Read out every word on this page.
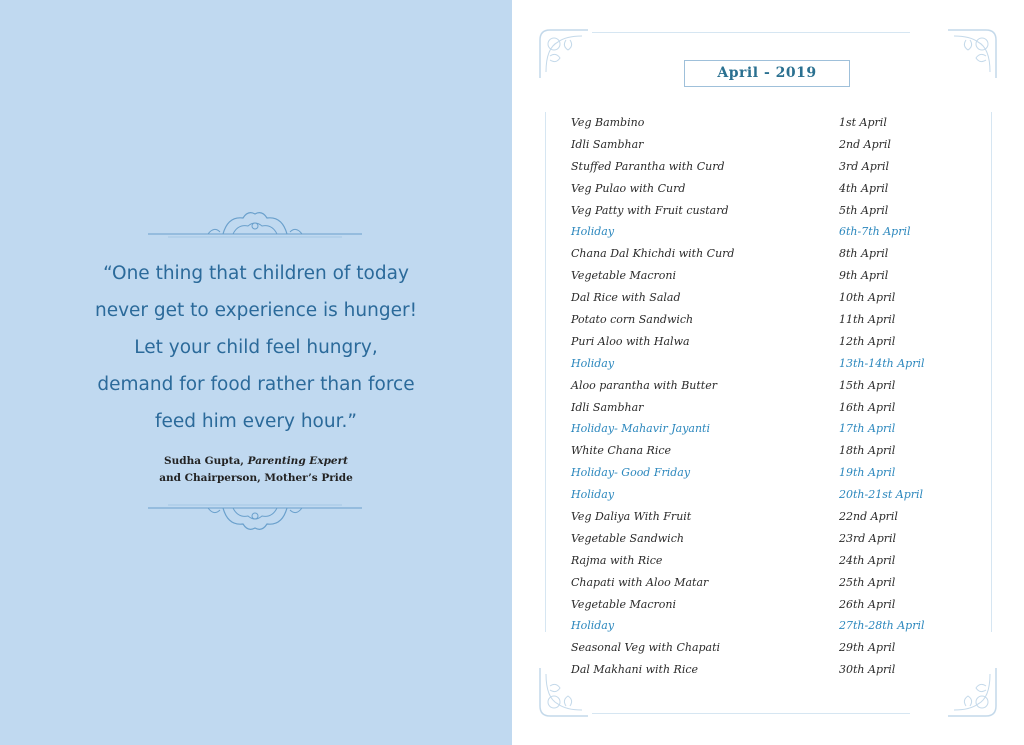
“One thing that children of today
never get to experience is hunger!
Let your child feel hungry,
demand for food rather than force
feed him every hour.”
Sudha Gupta, Parenting Expert
and Chairperson, Mother’s Pride
April - 2019
Veg Bambino	1st April
Idli Sambhar	2nd April
Stuffed Parantha with Curd	3rd April
Veg Pulao with Curd	4th April
Veg Patty with Fruit custard	5th April
Holiday	6th-7th April
Chana Dal Khichdi with Curd	8th April
Vegetable Macroni	9th April
Dal Rice with Salad	10th April
Potato corn Sandwich	11th April
Puri Aloo with Halwa	12th April
Holiday	13th-14th April
Aloo parantha with Butter	15th April
Idli Sambhar	16th April
Holiday- Mahavir Jayanti	17th April
White Chana Rice	18th April
Holiday- Good Friday	19th April
Holiday	20th-21st April
Veg Daliya With Fruit	22nd April
Vegetable Sandwich	23rd April
Rajma with Rice	24th April
Chapati with Aloo Matar	25th April
Vegetable Macroni	26th April
Holiday	27th-28th April
Seasonal Veg with Chapati	29th April
Dal Makhani with Rice	30th April
